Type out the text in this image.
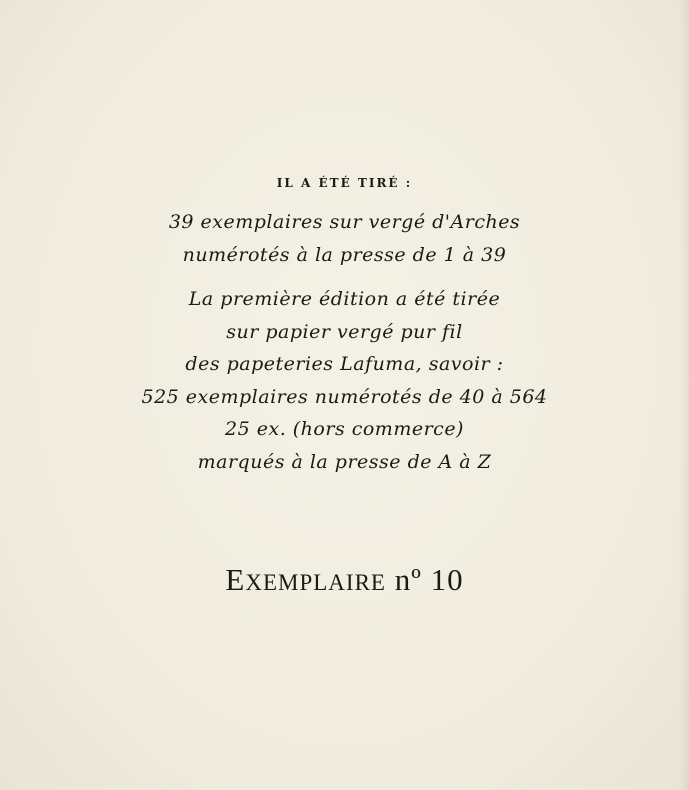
IL A ÉTÉ TIRÉ :
39 exemplaires sur vergé d'Arches
numérotés à la presse de 1 à 39
La première édition a été tirée
sur papier vergé pur fil
des papeteries Lafuma, savoir :
525 exemplaires numérotés de 40 à 564
25 ex. (hors commerce)
marqués à la presse de A à Z
EXEMPLAIRE nº 10
